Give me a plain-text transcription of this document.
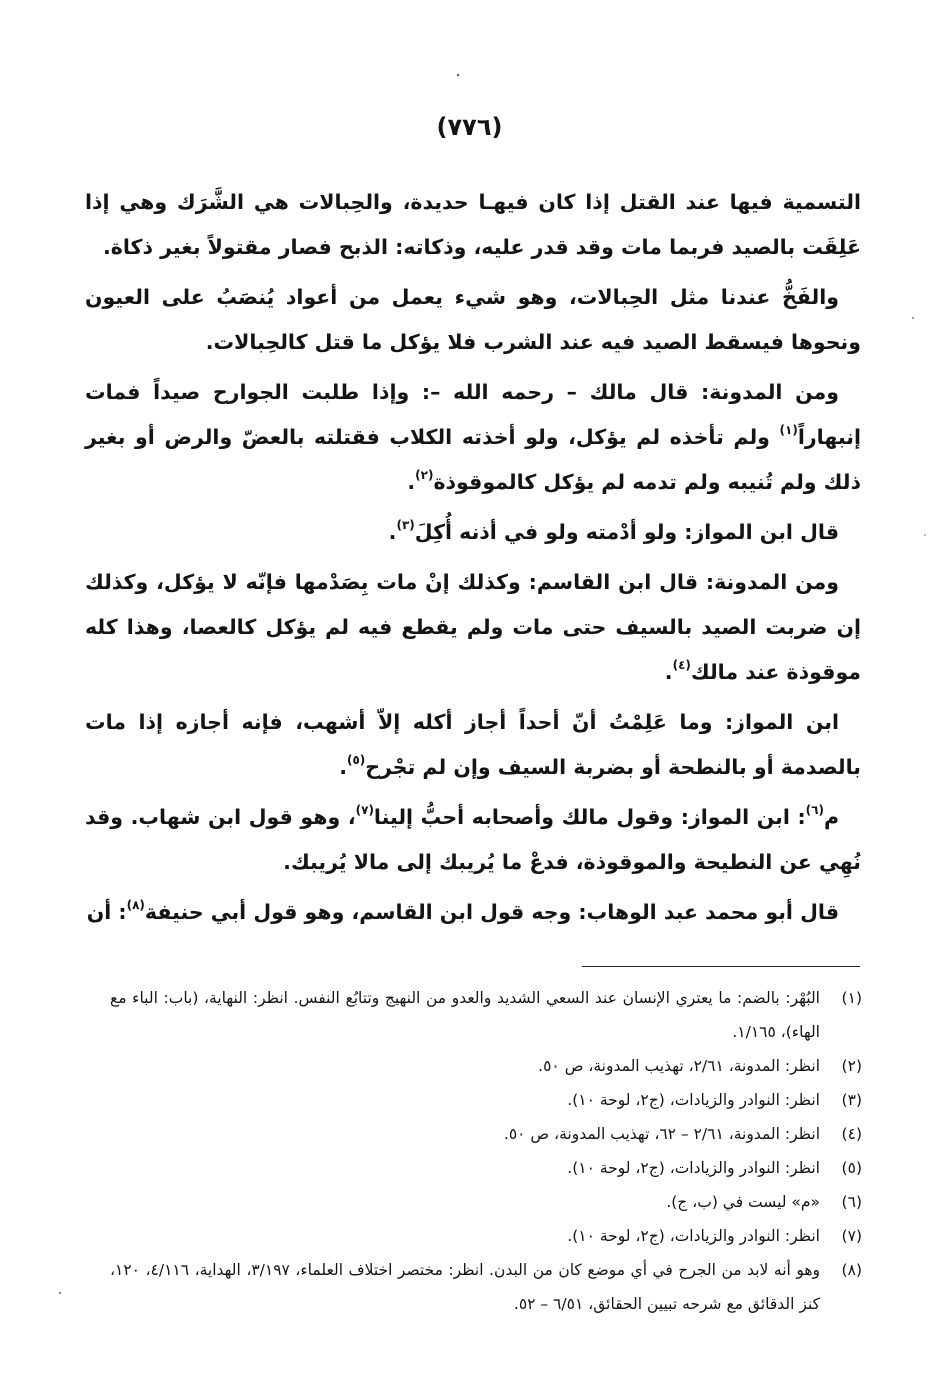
(٧٧٦)

التسمية فيها عند القتل إذا كان فيهـا حديدة، والحِبالات هي الشَّرَك وهي إذا عَلِقَت بالصيد فربما مات وقد قدر عليه، وذكاته: الذبح فصار مقتولاً بغير ذكاة.

والفَخُّ عندنا مثل الحِبالات، وهو شيء يعمل من أعواد يُنصَبُ على العيون ونحوها فيسقط الصيد فيه عند الشرب فلا يؤكل ما قتل كالحِبالات.

ومن المدونة: قال مالك – رحمه الله –: وإذا طلبت الجوارح صيداً فمات إنبهاراً$^{(١)}$ ولم تأخذه لم يؤكل، ولو أخذته الكلاب فقتلته بالعضّ والرض أو بغير ذلك ولم تُنيبه ولم تدمه لم يؤكل كالموقوذة$^{(٢)}$.

قال ابن المواز: ولو أدْمته ولو في أذنه أُكِلَ$^{(٣)}$.

ومن المدونة: قال ابن القاسم: وكذلك إنْ مات بِصَدْمها فإنّه لا يؤكل، وكذلك إن ضربت الصيد بالسيف حتى مات ولم يقطع فيه لم يؤكل كالعصا، وهذا كله موقوذة عند مالك$^{(٤)}$.

ابن المواز: وما عَلِمْتُ أنّ أحداً أجاز أكله إلاّ أشهب، فإنه أجازه إذا مات بالصدمة أو بالنطحة أو بضربة السيف وإن لم تجْرح$^{(٥)}$.

م$^{(٦)}$: ابن المواز: وقول مالك وأصحابه أحبُّ إلينا$^{(٧)}$، وهو قول ابن شهاب. وقد نُهِي عن النطيحة والموقوذة، فدعْ ما يُريبك إلى مالا يُريبك.

قال أبو محمد عبد الوهاب: وجه قول ابن القاسم، وهو قول أبي حنيفة$^{(٨)}$: أن

(١)
البُهْر: بالضم: ما يعتري الإنسان عند السعي الشديد والعدو من النهيج وتتابُع النفس. انظر: النهاية، (باب: الباء مع الهاء)، ١/١٦٥.
(٢)
انظر: المدونة، ٢/٦١، تهذيب المدونة، ص ٥٠.
(٣)
انظر: النوادر والزيادات، (ج٢، لوحة ١٠).
(٤)
انظر: المدونة، ٢/٦١ – ٦٢، تهذيب المدونة، ص ٥٠.
(٥)
انظر: النوادر والزيادات، (ج٢، لوحة ١٠).
(٦)
«م» ليست في (ب، ج).
(٧)
انظر: النوادر والزيادات، (ج٢، لوحة ١٠).
(٨)
وهو أنه لابد من الجرح في أي موضع كان من البدن. انظر: مختصر اختلاف العلماء، ٣/١٩٧، الهداية، ٤/١١٦، ١٢٠، كنز الدقائق مع شرحه تبيين الحقائق، ٦/٥١ – ٥٢.
